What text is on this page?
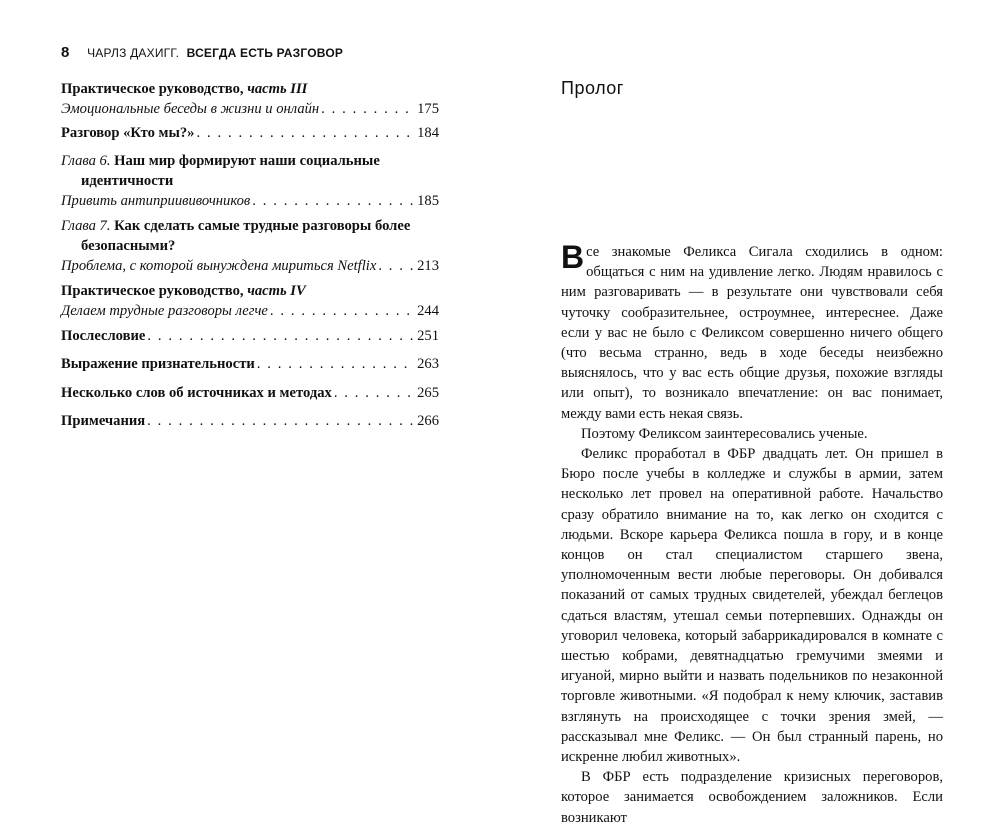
8 ЧАРЛЗ ДАХИГГ. ВСЕГДА ЕСТЬ РАЗГОВОР
Практическое руководство, часть III
Эмоциональные беседы в жизни и онлайн . . .	175
Разговор «Кто мы?» . . .	184
Глава 6. Наш мир формируют наши социальные
идентичности
Привить антиприививочников . . .	185
Глава 7. Как сделать самые трудные разговоры более
безопасными?
Проблема, с которой вынуждена мириться Netflix . . .	213
Практическое руководство, часть IV
Делаем трудные разговоры легче . . .	244
Послесловие . . .	251
Выражение признательности . . .	263
Несколько слов об источниках и методах . . .	265
Примечания . . .	266
Пролог

Все знакомые Феликса Сигала сходились в одном: общаться с ним на удивление легко. Людям нравилось с ним разговаривать — в результате они чувствовали себя чуточку сообразительнее, остроумнее, интереснее. Даже если у вас не было с Феликсом совершенно ничего общего (что весьма странно, ведь в ходе беседы неизбежно выяснялось, что у вас есть общие друзья, похожие взгляды или опыт), то возникало впечатление: он вас понимает, между вами есть некая связь.

Поэтому Феликсом заинтересовались ученые.

Феликс проработал в ФБР двадцать лет. Он пришел в Бюро после учебы в колледже и службы в армии, затем несколько лет провел на оперативной работе. Начальство сразу обратило внимание на то, как легко он сходится с людьми. Вскоре карьера Феликса пошла в гору, и в конце концов он стал специалистом старшего звена, уполномоченным вести любые переговоры. Он добивался показаний от самых трудных свидетелей, убеждал беглецов сдаться властям, утешал семьи потерпевших. Однажды он уговорил человека, который забаррикадировался в комнате с шестью кобрами, девятнадцатью гремучими змеями и игуаной, мирно выйти и назвать подельников по незаконной торговле животными. «Я подобрал к нему ключик, заставив взглянуть на происходящее с точки зрения змей, — рассказывал мне Феликс. — Он был странный парень, но искренне любил животных».

В ФБР есть подразделение кризисных переговоров, которое занимается освобождением заложников. Если возникают
